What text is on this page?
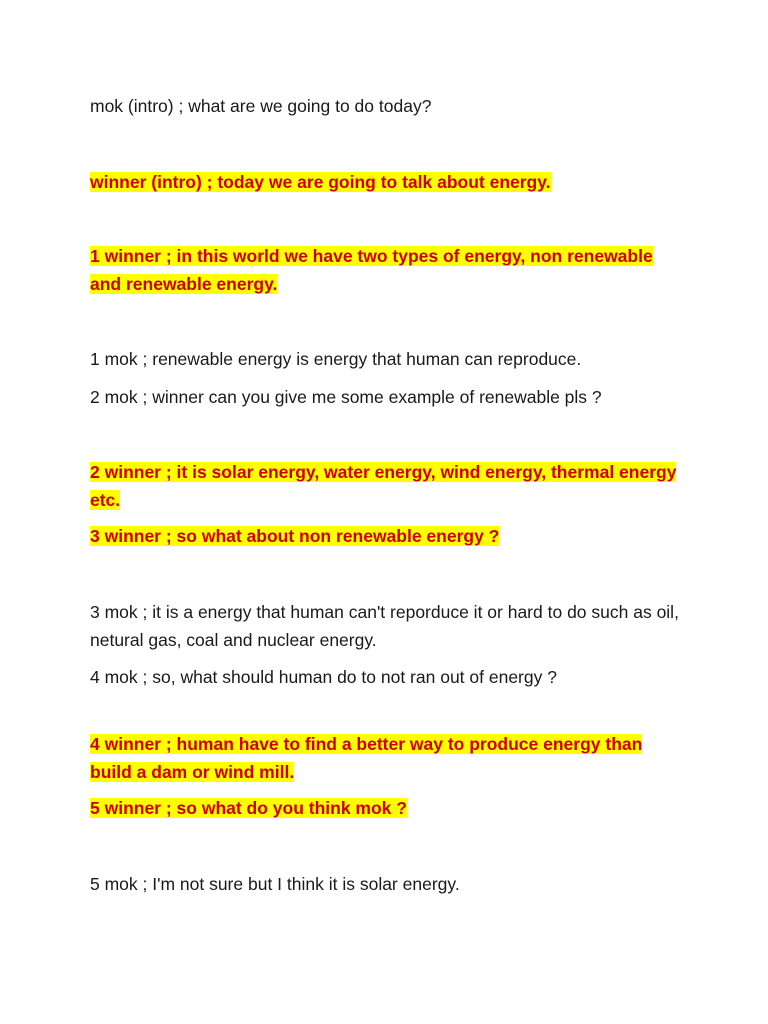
mok (intro) ; what are we going to do today?
winner (intro) ; today we are going to talk about energy.
1 winner ; in this world we have two types of energy, non renewable and renewable energy.
1 mok ; renewable energy is energy that human can reproduce.
2 mok ; winner can you give me some example of renewable pls ?
2 winner ; it is solar energy, water energy, wind energy, thermal energy etc.
3 winner ; so what about non renewable energy ?
3 mok ; it is a energy that human can't reporduce it or hard to do such as oil, netural gas, coal and nuclear energy.
4 mok ; so, what should human do to not ran out of energy ?
4 winner ; human have to find a better way to produce energy than build a dam or wind mill.
5 winner ; so what do you think mok ?
5 mok ; I'm not sure but I think it is solar energy.
